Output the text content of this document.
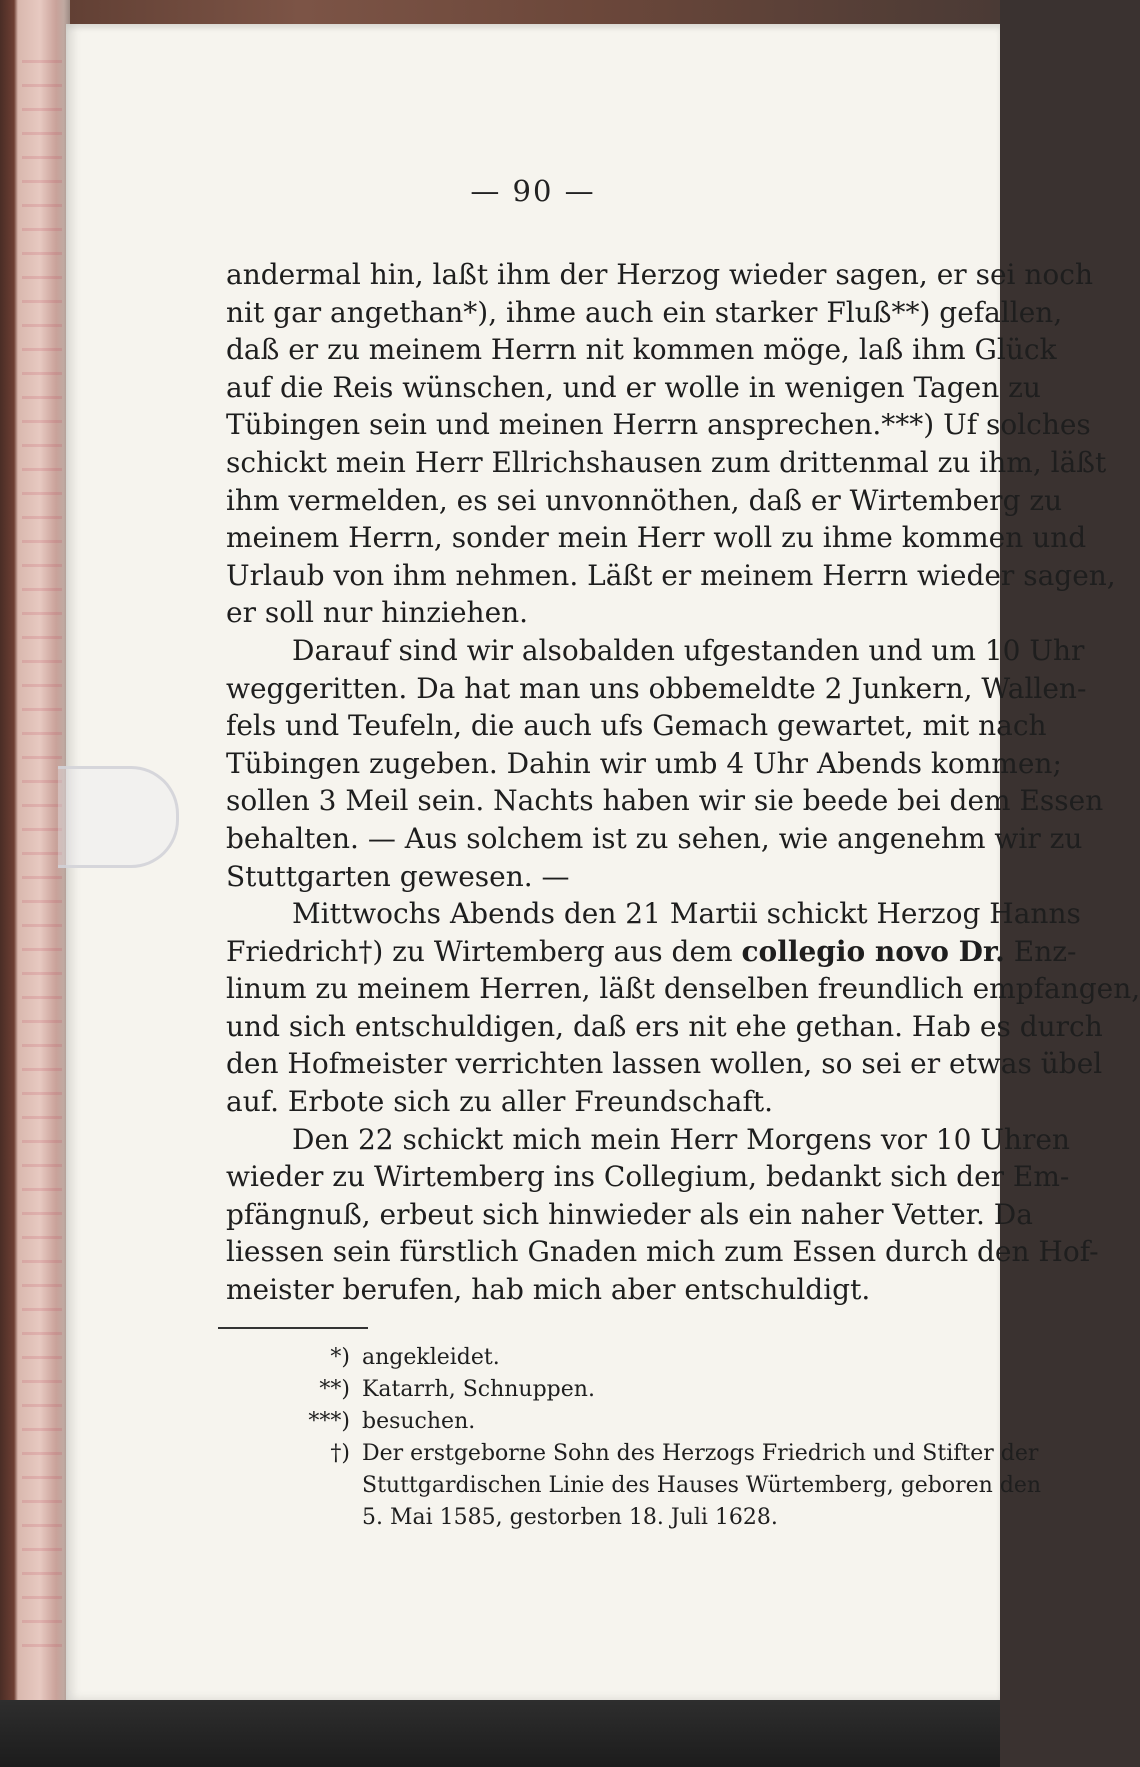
— 90 —
andermal hin, laßt ihm der Herzog wieder sagen, er sei noch
nit gar angethan*), ihme auch ein starker Fluß**) gefallen,
daß er zu meinem Herrn nit kommen möge, laß ihm Glück
auf die Reis wünschen, und er wolle in wenigen Tagen zu
Tübingen sein und meinen Herrn ansprechen.***) Uf solches
schickt mein Herr Ellrichshausen zum drittenmal zu ihm, läßt
ihm vermelden, es sei unvonnöthen, daß er Wirtemberg zu
meinem Herrn, sonder mein Herr woll zu ihme kommen und
Urlaub von ihm nehmen. Läßt er meinem Herrn wieder sagen,
er soll nur hinziehen.
Darauf sind wir alsobalden ufgestanden und um 10 Uhr
weggeritten. Da hat man uns obbemeldte 2 Junkern, Wallen-
fels und Teufeln, die auch ufs Gemach gewartet, mit nach
Tübingen zugeben. Dahin wir umb 4 Uhr Abends kommen;
sollen 3 Meil sein. Nachts haben wir sie beede bei dem Essen
behalten. — Aus solchem ist zu sehen, wie angenehm wir zu
Stuttgarten gewesen. —
Mittwochs Abends den 21 Martii schickt Herzog Hanns
Friedrich†) zu Wirtemberg aus dem collegio novo Dr. Enz-
linum zu meinem Herren, läßt denselben freundlich empfangen,
und sich entschuldigen, daß ers nit ehe gethan. Hab es durch
den Hofmeister verrichten lassen wollen, so sei er etwas übel
auf. Erbote sich zu aller Freundschaft.
Den 22 schickt mich mein Herr Morgens vor 10 Uhren
wieder zu Wirtemberg ins Collegium, bedankt sich der Em-
pfängnuß, erbeut sich hinwieder als ein naher Vetter. Da
liessen sein fürstlich Gnaden mich zum Essen durch den Hof-
meister berufen, hab mich aber entschuldigt.
*) angekleidet.
**) Katarrh, Schnuppen.
***) besuchen.
†) Der erstgeborne Sohn des Herzogs Friedrich und Stifter der
Stuttgardischen Linie des Hauses Würtemberg, geboren den
5. Mai 1585, gestorben 18. Juli 1628.
